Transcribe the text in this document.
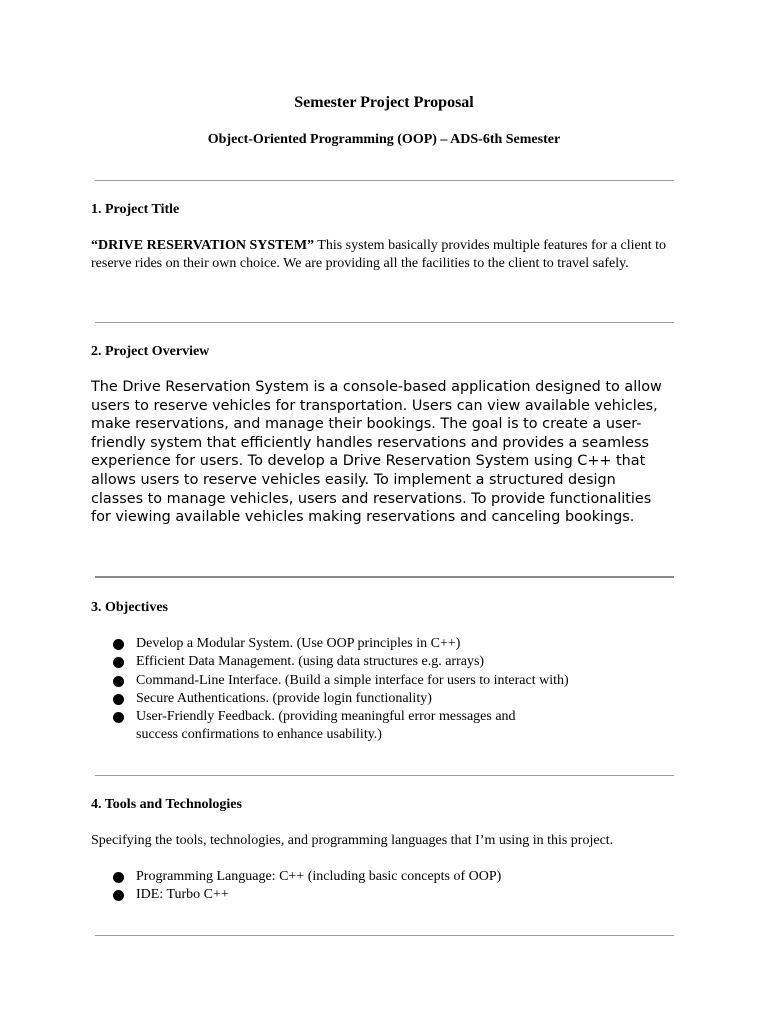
Semester Project Proposal
Object-Oriented Programming (OOP) – ADS-6th Semester
1. Project Title

“DRIVE RESERVATION SYSTEM” This system basically provides multiple features for a client to reserve rides on their own choice. We are providing all the facilities to the client to travel safely.

2. Project Overview

The Drive Reservation System is a console-based application designed to allow users to reserve vehicles for transportation. Users can view available vehicles, make reservations, and manage their bookings. The goal is to create a user-friendly system that efficiently handles reservations and provides a seamless experience for users. To develop a Drive Reservation System using C++ that allows users to reserve vehicles easily. To implement a structured design classes to manage vehicles, users and reservations. To provide functionalities for viewing available vehicles making reservations and canceling bookings.

3. Objectives
Develop a Modular System. (Use OOP principles in C++)
Efficient Data Management. (using data structures e.g. arrays)
Command-Line Interface. (Build a simple interface for users to interact with)
Secure Authentications. (provide login functionality)
User-Friendly Feedback. (providing meaningful error messages and success confirmations to enhance usability.)
4. Tools and Technologies

Specifying the tools, technologies, and programming languages that I’m using in this project.

Programming Language: C++ (including basic concepts of OOP)
IDE: Turbo C++
